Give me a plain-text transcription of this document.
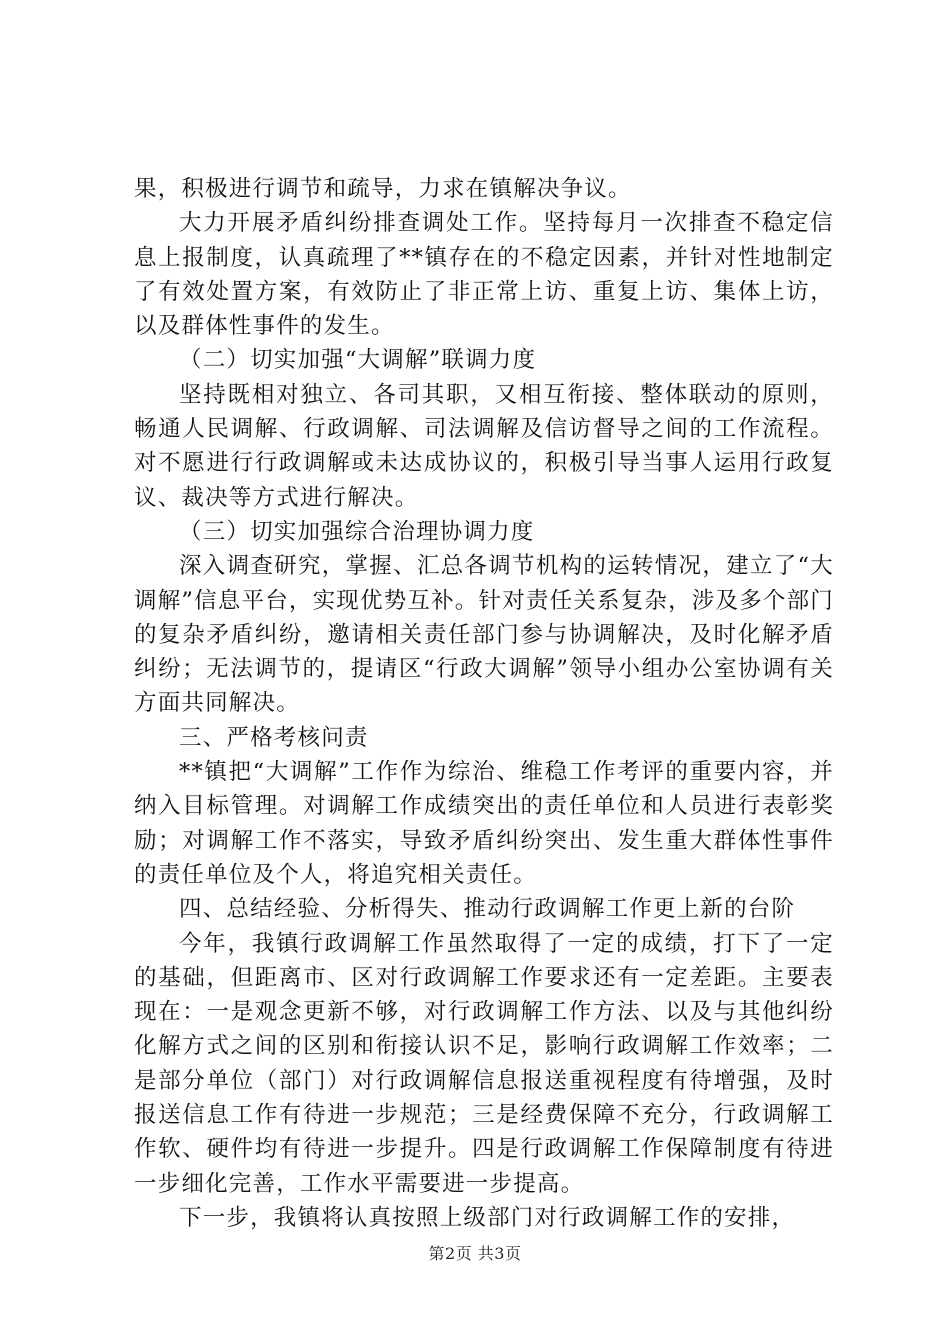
果，积极进行调节和疏导，力求在镇解决争议。

大力开展矛盾纠纷排查调处工作。坚持每月一次排查不稳定信息上报制度，认真疏理了**镇存在的不稳定因素，并针对性地制定了有效处置方案，有效防止了非正常上访、重复上访、集体上访，以及群体性事件的发生。

（二）切实加强“大调解”联调力度

坚持既相对独立、各司其职，又相互衔接、整体联动的原则，畅通人民调解、行政调解、司法调解及信访督导之间的工作流程。对不愿进行行政调解或未达成协议的，积极引导当事人运用行政复议、裁决等方式进行解决。

（三）切实加强综合治理协调力度

深入调查研究，掌握、汇总各调节机构的运转情况，建立了“大调解”信息平台，实现优势互补。针对责任关系复杂，涉及多个部门的复杂矛盾纠纷，邀请相关责任部门参与协调解决，及时化解矛盾纠纷；无法调节的，提请区“行政大调解”领导小组办公室协调有关方面共同解决。

三、严格考核问责

**镇把“大调解”工作作为综治、维稳工作考评的重要内容，并纳入目标管理。对调解工作成绩突出的责任单位和人员进行表彰奖励；对调解工作不落实，导致矛盾纠纷突出、发生重大群体性事件的责任单位及个人，将追究相关责任。

四、总结经验、分析得失、推动行政调解工作更上新的台阶

今年，我镇行政调解工作虽然取得了一定的成绩，打下了一定的基础，但距离市、区对行政调解工作要求还有一定差距。主要表现在：一是观念更新不够，对行政调解工作方法、以及与其他纠纷化解方式之间的区别和衔接认识不足，影响行政调解工作效率；二是部分单位（部门）对行政调解信息报送重视程度有待增强，及时报送信息工作有待进一步规范；三是经费保障不充分，行政调解工作软、硬件均有待进一步提升。四是行政调解工作保障制度有待进一步细化完善，工作水平需要进一步提高。

下一步，我镇将认真按照上级部门对行政调解工作的安排，

第2页 共3页
